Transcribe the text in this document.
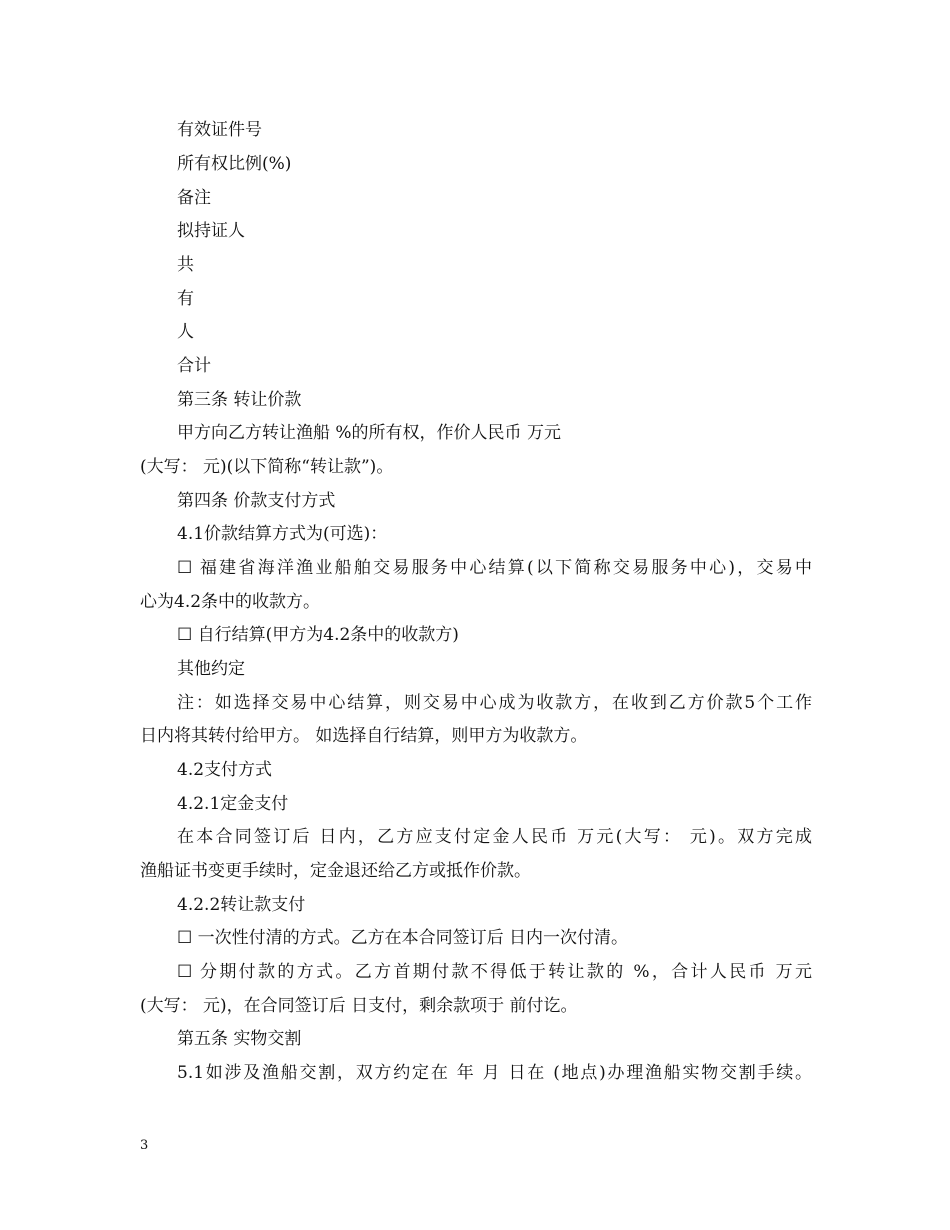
有效证件号
所有权比例(%)
备注
拟持证人
共
有
人
合计
第三条 转让价款
甲方向乙方转让渔船 %的所有权，作价人民币 万元
(大写： 元)(以下简称“转让款”)。
第四条 价款支付方式
4.1价款结算方式为(可选)：
☐ 福建省海洋渔业船舶交易服务中心结算(以下简称交易服务中心)，交易中
心为4.2条中的收款方。
☐ 自行结算(甲方为4.2条中的收款方)
其他约定
注：如选择交易中心结算，则交易中心成为收款方，在收到乙方价款5个工作
日内将其转付给甲方。 如选择自行结算，则甲方为收款方。
4.2支付方式
4.2.1定金支付
在本合同签订后 日内，乙方应支付定金人民币 万元(大写： 元)。双方完成
渔船证书变更手续时，定金退还给乙方或抵作价款。
4.2.2转让款支付
☐ 一次性付清的方式。乙方在本合同签订后 日内一次付清。
☐ 分期付款的方式。乙方首期付款不得低于转让款的 %，合计人民币 万元
(大写： 元)，在合同签订后 日支付，剩余款项于 前付讫。
第五条 实物交割
5.1如涉及渔船交割，双方约定在 年 月 日在 (地点)办理渔船实物交割手续。
3
